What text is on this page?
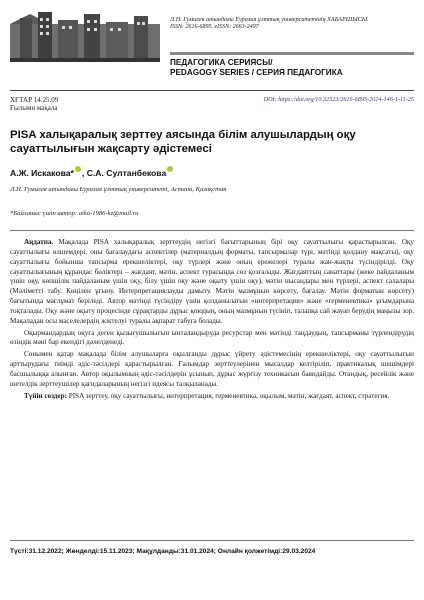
Л.Н. Гумилев атындағы Еуразия ұлттық университетінің ХАБАРШЫСЫ.
ISSN: 2616-6895. eISSN: 2663-2497
ПЕДАГОГИКА СЕРИЯСЫ/
PEDAGOGY SERIES / СЕРИЯ ПЕДАГОГИКА
ХҒТАР 14.25.09
Ғылыми мақала
DOI: https://doi.org/10.32523/2616-6895-2024-146-1-11-25
PISA халықаралық зерттеу аясында білім алушылардың оқу сауаттылығын жақсарту әдістемесі
А.Ж. Искакова* , С.А. Султанбекова
Л.Н. Гумилев атындағы Еуразия ұлттық университеті, Астана, Қазақстан
*Байланыс үшін автор: aiko-1986-kz@mail.ru

Аңдатпа. Мақалада PISA халықаралық зерттеудің негізгі бағыттарының бірі оқу сауаттылығы қарастырылған. Оқу сауаттылығы өлшемдері, оны бағалаудағы аспектілер (материалдың форматы, тапсырмалар түрі, мәтінді қолдану мақсаты), оқу сауаттылығы бойынша тапсырма ерекшеліктері, оқу түрлері және оның ережелері туралы жан-жақты түсіндірілді. Оқу сауаттылығының құрандас бөліктері – жағдаят, мәтін, аспект турасында сөз қозғалады. Жағдаяттың санаттары (жеке пайдаланым үшін оқу, көпшілік пайдаланым үшін оқу, білу үшін оқу және оқыту үшін оқу), мәтін нысандары мен түрлері, аспект салалары (Мәліметті табу. Көңілен ұғыну. Интерпретациялауды дамыту. Мәтін мазмұнын көрсету, бағалау. Мәтін форматын көрсету) бағытында мағлұмат беріледі. Автор мәтінді түсіндіру үшін қолданылатын «интерпретация» және «герменевтика» ұғымдарына тоқталады. Оқу және оқыту процесінде сұрақтарды дұрыс қоюдың, оның мазмұнын түсініп, талапқа сай жауап берудің маңызы зор. Мақаладан осы мәселелердің жіктелуі туралы ақпарат табуға болады.

Оқырмандардың оқуға деген қызығушылығын ынталандыруда ресурстар мен мәтінді таңдаудың, тапсырманы түрлендірудің өзіндік мәні бар екендігі дәлелденеді.

Сонымен қатар мақалада білім алушыларға оқылғанды дұрыс үйрету әдістемесінің ерекшеліктері, оқу сауаттылығын арттырудағы тиімді әдіс-тәсілдері қарастырылған. Ғалымдар зерттеулерінен мысалдар келтіріліп, практикалық шешімдері басшылыққа алынған. Автор оқылымның әдіс-тәсілдерін ұсынып, дұрыс жүргізу техникасын баяндайды. Отандық, ресейлік және шетелдік зерттеушілер қағидаларының негізгі идеясы талқыланады.

Түйін сөздер: PISA зерттеу, оқу сауаттылығы, интерпретация, герменевтика, оқылым, мәтін, жағдаят, аспект, стратегия.

Түсті:31.12.2022; Жөнделді:15.11.2023; Мақұлданды:31.01.2024; Онлайн қолжетімді:29.03.2024
